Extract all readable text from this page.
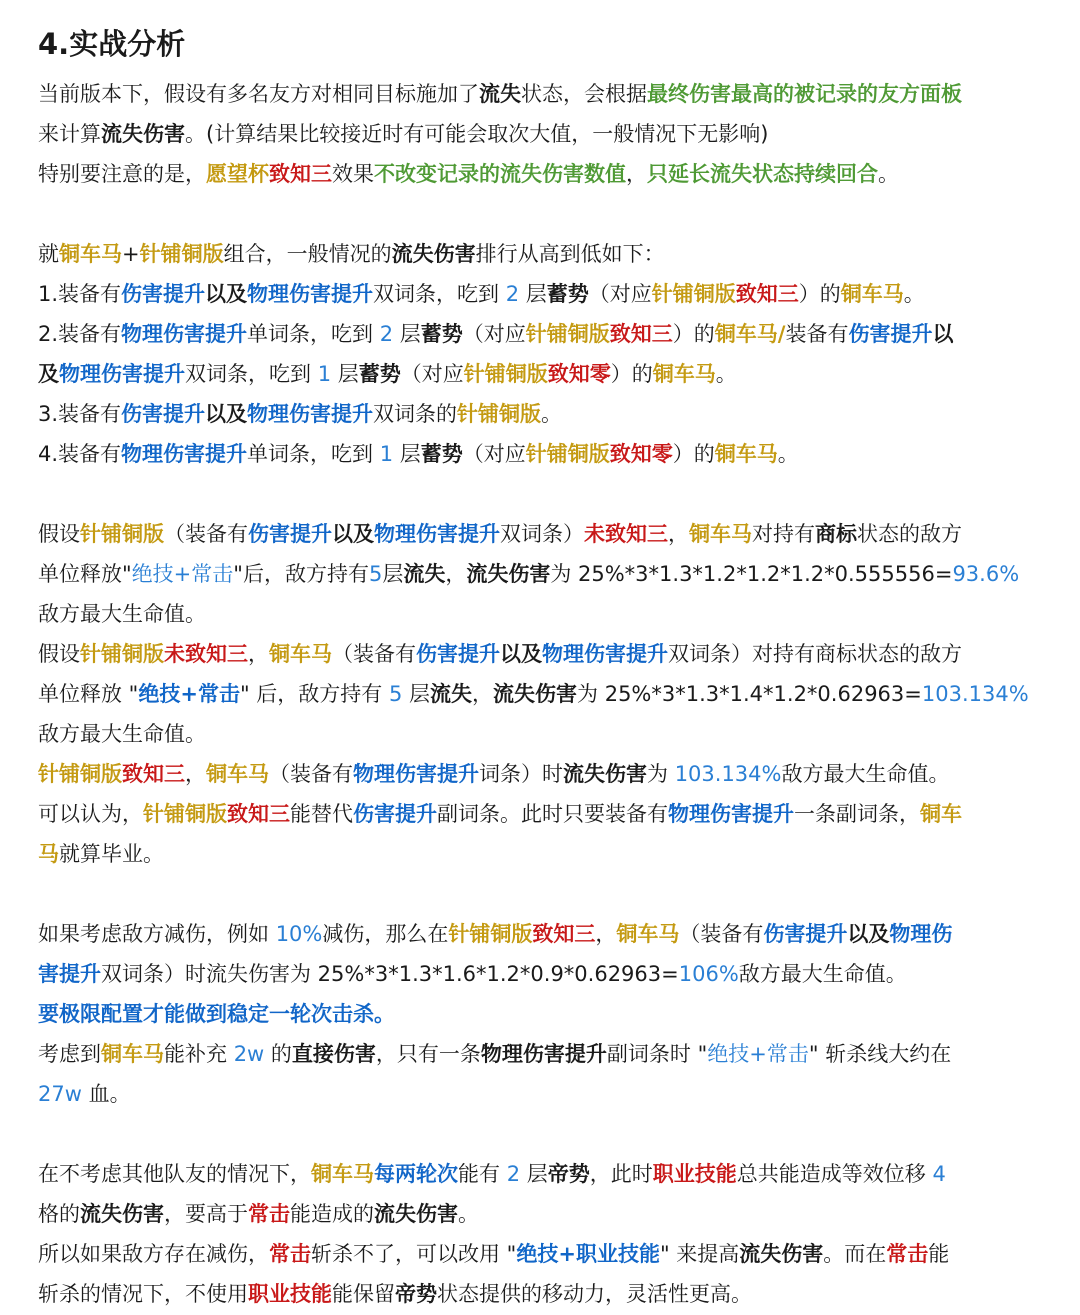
4.实战分析
当前版本下，假设有多名友方对相同目标施加了流失状态，会根据最终伤害最高的被记录的友方面板
来计算流失伤害。(计算结果比较接近时有可能会取次大值，一般情况下无影响)
特别要注意的是，愿望杯致知三效果不改变记录的流失伤害数值，只延长流失状态持续回合。
就铜车马+针铺铜版组合，一般情况的流失伤害排行从高到低如下：
1.装备有伤害提升以及物理伤害提升双词条，吃到 2 层蓄势（对应针铺铜版致知三）的铜车马。
2.装备有物理伤害提升单词条，吃到 2 层蓄势（对应针铺铜版致知三）的铜车马/装备有伤害提升以
及物理伤害提升双词条，吃到 1 层蓄势（对应针铺铜版致知零）的铜车马。
3.装备有伤害提升以及物理伤害提升双词条的针铺铜版。
4.装备有物理伤害提升单词条，吃到 1 层蓄势（对应针铺铜版致知零）的铜车马。
假设针铺铜版（装备有伤害提升以及物理伤害提升双词条）未致知三，铜车马对持有商标状态的敌方
单位释放"绝技+常击"后，敌方持有5层流失，流失伤害为 25%*3*1.3*1.2*1.2*1.2*0.555556=93.6%
敌方最大生命值。
假设针铺铜版未致知三，铜车马（装备有伤害提升以及物理伤害提升双词条）对持有商标状态的敌方
单位释放 "绝技+常击" 后，敌方持有 5 层流失，流失伤害为 25%*3*1.3*1.4*1.2*0.62963=103.134%
敌方最大生命值。
针铺铜版致知三，铜车马（装备有物理伤害提升词条）时流失伤害为 103.134%敌方最大生命值。
可以认为，针铺铜版致知三能替代伤害提升副词条。此时只要装备有物理伤害提升一条副词条，铜车
马就算毕业。
如果考虑敌方减伤，例如 10%减伤，那么在针铺铜版致知三，铜车马（装备有伤害提升以及物理伤
害提升双词条）时流失伤害为 25%*3*1.3*1.6*1.2*0.9*0.62963=106%敌方最大生命值。
要极限配置才能做到稳定一轮次击杀。
考虑到铜车马能补充 2w 的直接伤害，只有一条物理伤害提升副词条时 "绝技+常击" 斩杀线大约在
27w 血。
在不考虑其他队友的情况下，铜车马每两轮次能有 2 层帝势，此时职业技能总共能造成等效位移 4
格的流失伤害，要高于常击能造成的流失伤害。
所以如果敌方存在减伤，常击斩杀不了，可以改用 "绝技+职业技能" 来提高流失伤害。而在常击能
斩杀的情况下，不使用职业技能能保留帝势状态提供的移动力，灵活性更高。
